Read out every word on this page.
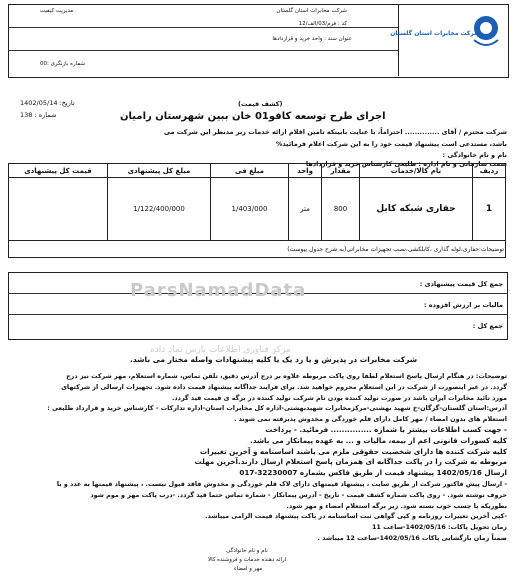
شرکت مخابرات استان گلستان
شرکت مخابرات استان گلستان
مدیریت کیفیت
کد : فرم/03/الف/12
عنوان سند : واحد خرید و قراردادها
شماره بازنگری :00
تاریخ: 1402/05/14
شماره : 138
(کشف قیمت)
اجرای طرح توسعه کافو01 خان ببین شهرستان رامیان
شرکت محترم / آقای .............. احتراماً، با عنایت بابینکه تامین اقلام ارائه خدمات زیر مدنظر این شرکت می
باشد، مستدعی است پیشنهاد قیمت خود را به این شرکت اعلام فرمائید%
نام و نام خانوادگی :
سمت سازمانی و نام اداره : طلیعی کارشناس خرید و قراردادها
ردیف	نام کالا/خدمات	مقدار	واحد	مبلغ فی	مبلغ کل پیشنهادی	قیمت کل پیشنهادی
1	حفاری شبکه کابل	800	متر	1/403/000	1/122/400/000	
توضیحات:حفاری،لوله گذاری ،کابلکشی،نصب تجهیزات مخابراتی(به شرح جدول پیوست)						
جمع کل قیمت پیشنهادی :
مالیات بر ارزش افزوده :
جمع کل :
ParsNamadData
مرکز فناوری اطلاعات پارس نماد داده
شرکت مخابرات در پذیرش و یا رد یک یا کلیه پیشنهادات واصله مختار می باشد.

توضیحات: در هنگام ارسال پاسخ استعلام لطفا روی پاکت مربوطه علاوه بر درج آدرس دقیق، تلفن تماس، شماره استعلام، مهر شرکت نیز درج

گردد. در غیر اینصورت از شرکت در این استعلام محروم خواهید شد. برای فرایند جداگانه پیشنهاد قیمت داده شود. تجهیزات ارسالی از شرکتهای

مورد تائید مخابرات ایران باشد در صورت تولید کننده بودن نام شرکت تولید کننده در برگه ی قیمت قید گردد.

آدرس:استان گلستان-گرگان-خ شهید بهشتی-مرکزمخابرات شهیدبهشتی-اداره کل مخابرات استان-اداره تدارکات - کارشناس خرید و قرارداد طلیعی :

استعلام های بدون امضاء / مهر کامل دارای قلم خوردگی و مخدوش پذیرفته نمی شوند .

- جهت کسب اطلاعات بیشتر با شماره ............... فرمائید. - پرداخت

کلیه کسورات قانونی اعم از بیمه، مالیات و ... به عهده پیمانکار می باشد.

کلیه شرکت کننده ها دارای شخصیت حقوقی ملزم می باشند اساسنامه و آخرین تغییرات

مربوطه به شرکت را در پاکت جداگانه ای همزمان پاسخ استعلام ارسال دارند.آخرین مهلت

ارسال 1402/05/16 پیشنهاد قیمت از طریق فاکس بشماره 32230007-017

- ارسال پیش فاکتور شرکت از طریق سایت ، پیشنهاد قیمتهای دارای لاک قلم خوردگی و مخدوش فاقد قبول نیست. ، پیشنهاد قیمتها به عدد و با

حروف نوشته شود. - روی پاکت شماره کشف قیمت - تاریخ - آدرس پیمانکار - شماره تماس حتما قید گردد. -درب پاکت مهر و موم شود

بطوریکه با چسب خوب بسته شود. زیر برگه استعلام امضاء و مهر شود.

-کپی آخرین تغییرات روزنامه و کپی گواهی ثبت اساسنامه در پاکت پیشنهاد قیمت الزامی میباشد.

زمان تحویل پاکات: 1402/05/16-ساعت 11

ضمناً زمان بازگشایی پاکات 1402/05/16-ساعت 12 میباشد .

نام و نام خانوادگی
ارائه دهنده خدمات و فروشنده کالا
مهر و امضاء
